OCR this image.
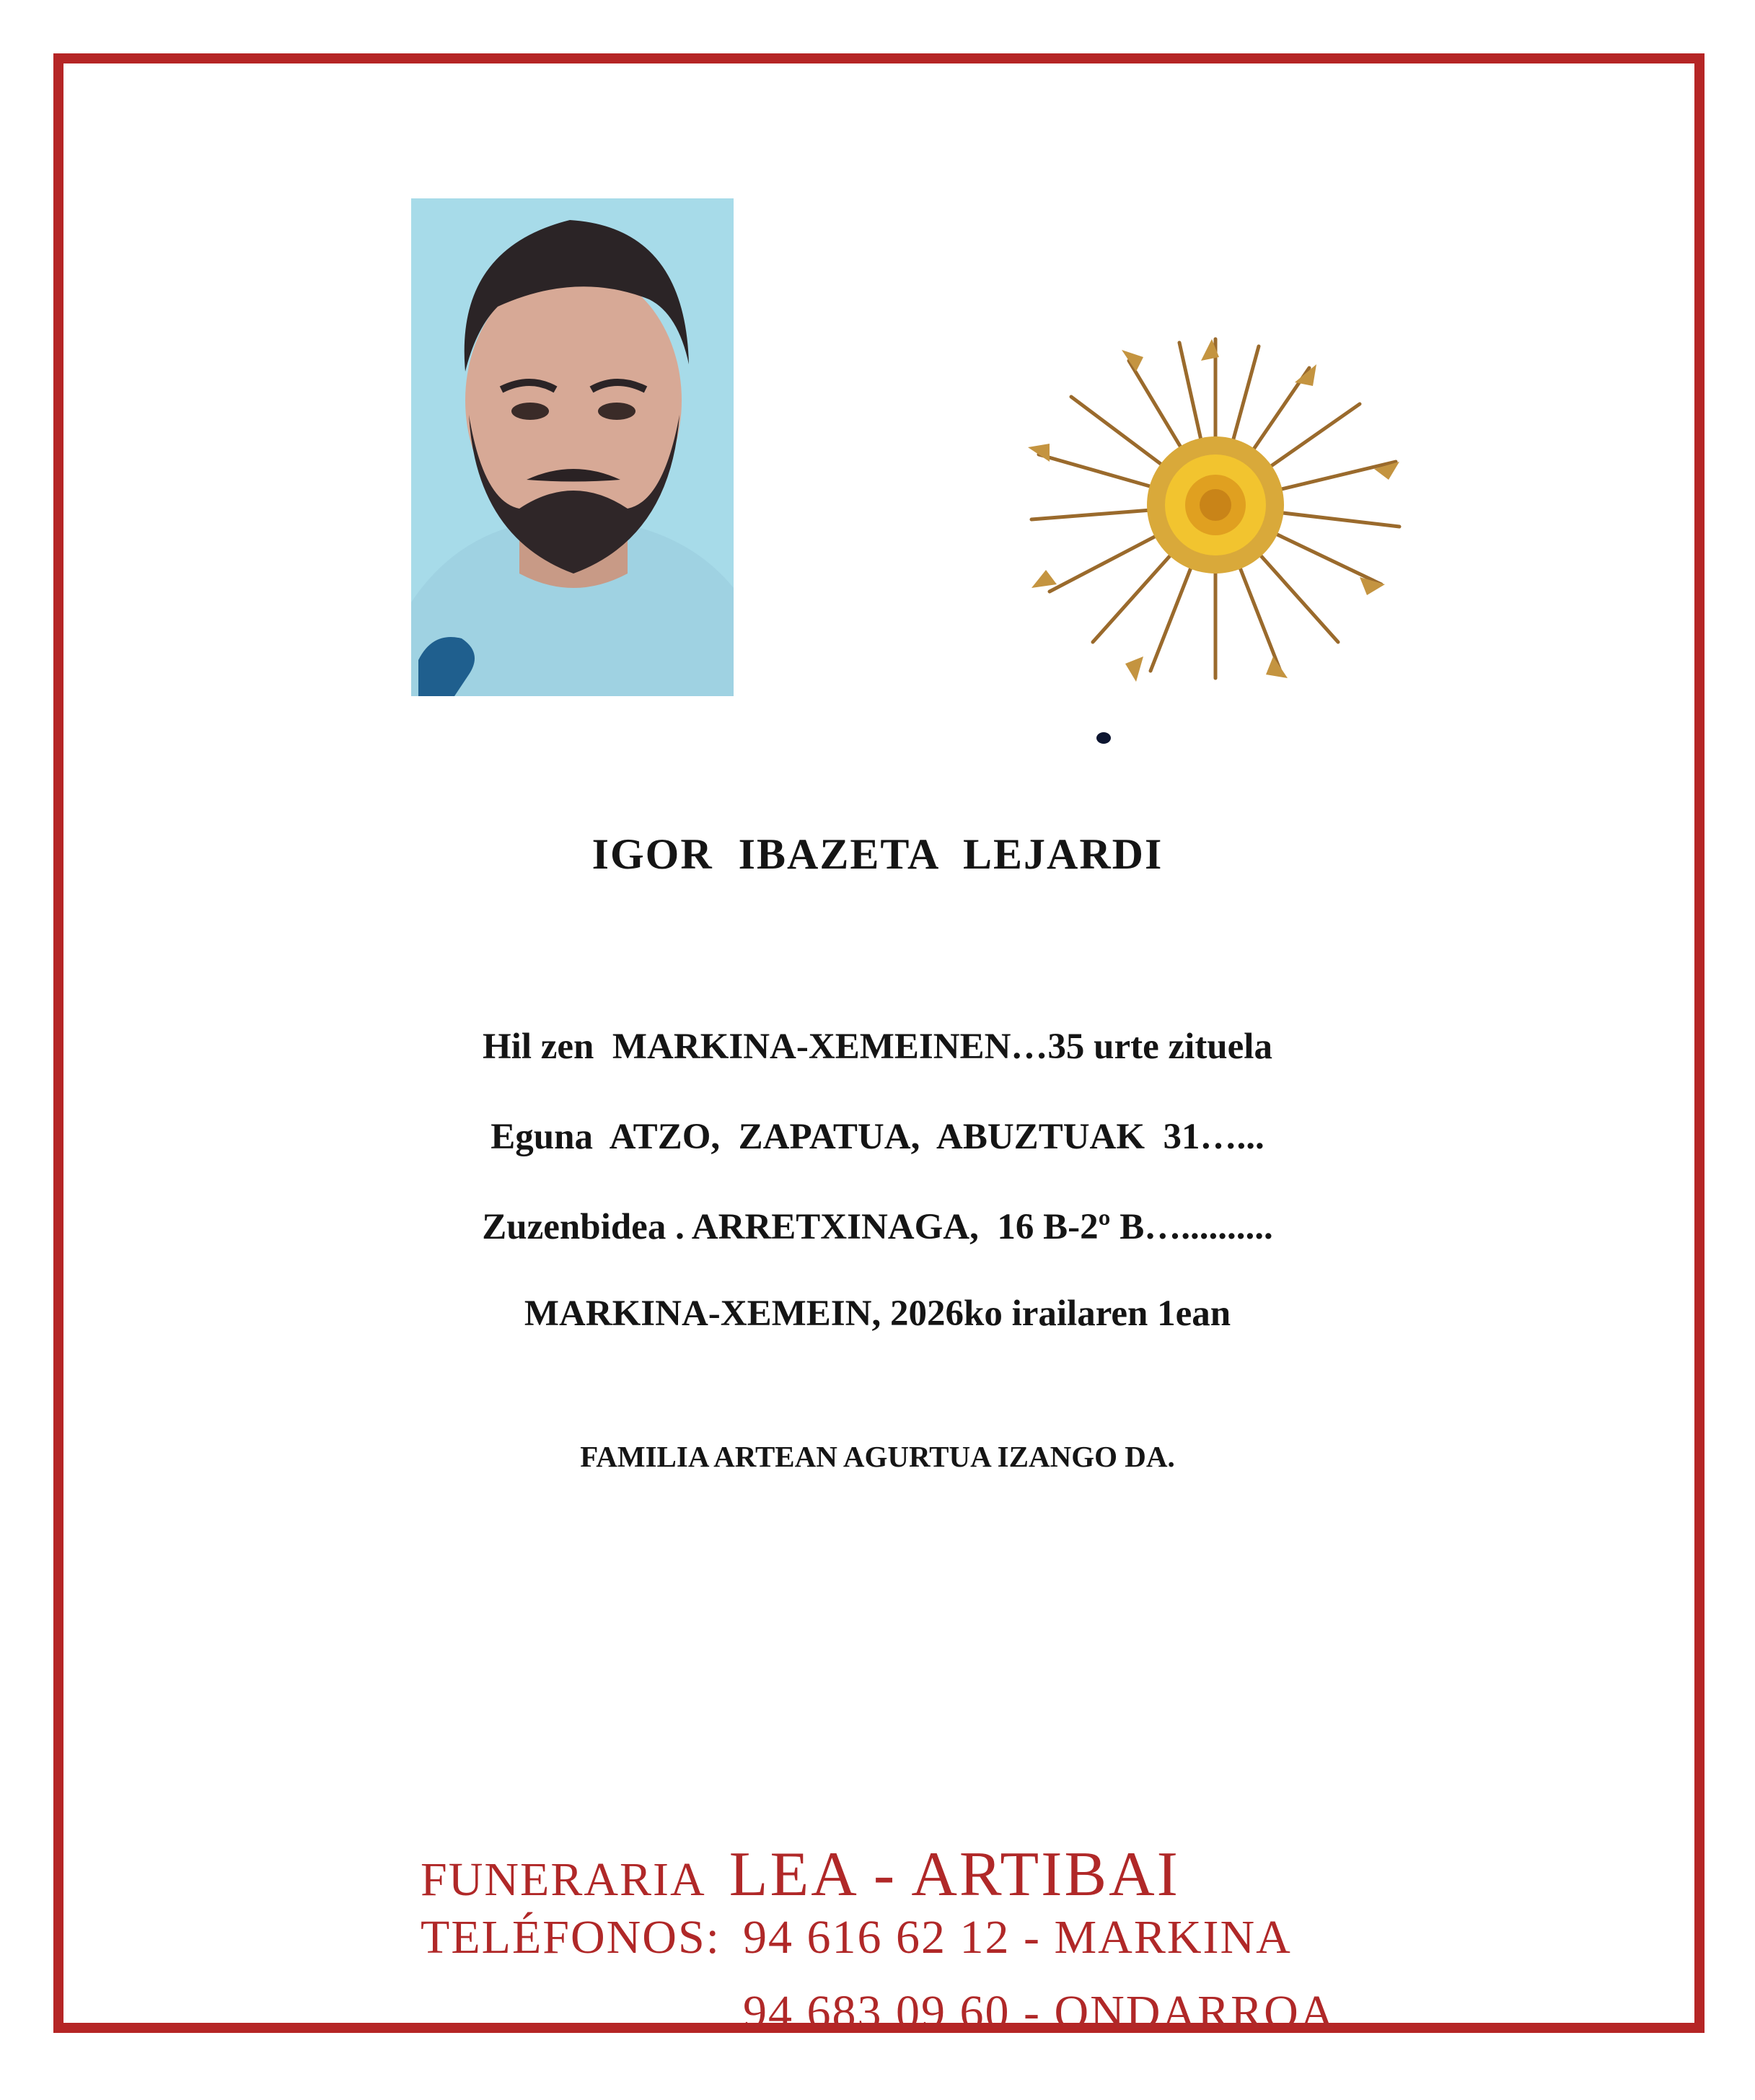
IGOR IBAZETA LEJARDI
Hil zen  MARKINA-XEMEINEN…35 urte zituela
Eguna  ATZO,  ZAPATUA,  ABUZTUAK  31…...
Zuzenbidea . ARRETXINAGA,  16 B-2º B…..........
MARKINA-XEMEIN, 2026ko irailaren 1ean
FAMILIA ARTEAN AGURTUA IZANGO DA.
FUNERARIA LEA - ARTIBAI
TELÉFONOS: 94 616 62 12 - MARKINA
94 683 09 60 - ONDARROA
